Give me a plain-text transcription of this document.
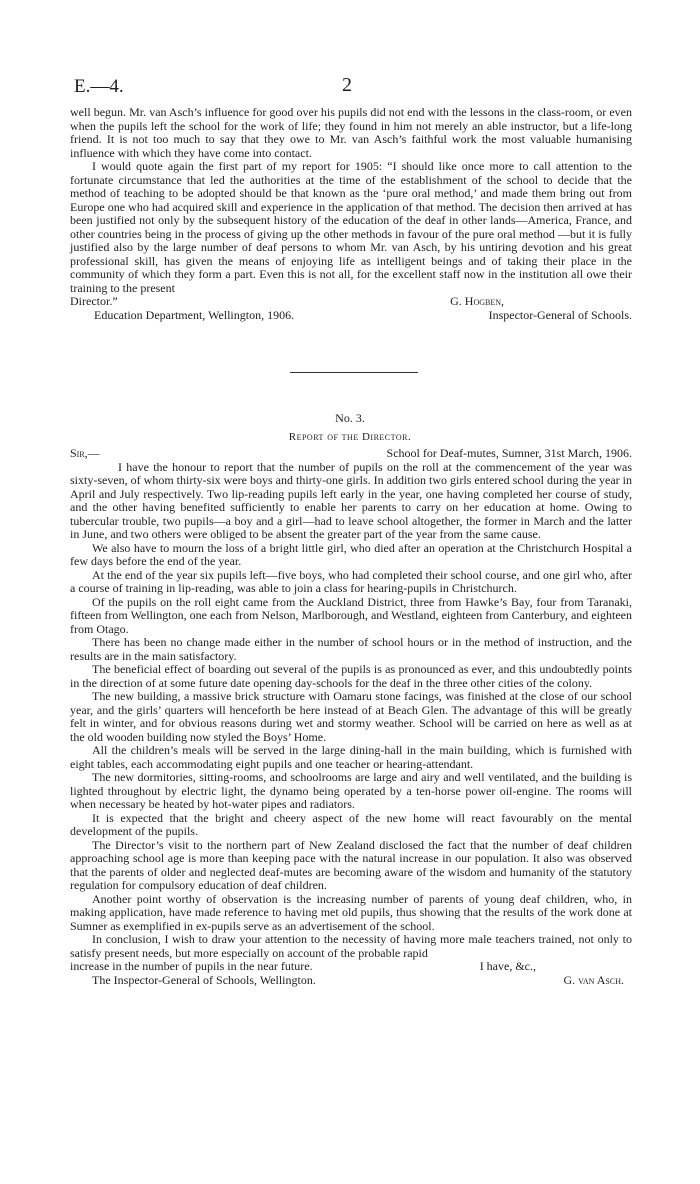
E.—4.	2

well begun. Mr. van Asch’s influence for good over his pupils did not end with the lessons in the class-room, or even when the pupils left the school for the work of life; they found in him not merely an able instructor, but a life-long friend. It is not too much to say that they owe to Mr. van Asch’s faithful work the most valuable humanising influence with which they have come into contact.

I would quote again the first part of my report for 1905: “I should like once more to call attention to the fortunate circumstance that led the authorities at the time of the establishment of the school to decide that the method of teaching to be adopted should be that known as the ‘pure oral method,’ and made them bring out from Europe one who had acquired skill and experience in the application of that method. The decision then arrived at has been justified not only by the subsequent history of the education of the deaf in other lands—America, France, and other countries being in the process of giving up the other methods in favour of the pure oral method —but it is fully justified also by the large number of deaf persons to whom Mr. van Asch, by his untiring devotion and his great professional skill, has given the means of enjoying life as intelligent beings and of taking their place in the community of which they form a part. Even this is not all, for the excellent staff now in the institution all owe their training to the present

Director.”	G. Hogben,
Education Department, Wellington, 1906.	Inspector-General of Schools.
No. 3.
Report of the Director.
Sir,—	School for Deaf-mutes, Sumner, 31st March, 1906.

I have the honour to report that the number of pupils on the roll at the commencement of the year was sixty-seven, of whom thirty-six were boys and thirty-one girls. In addition two girls entered school during the year in April and July respectively. Two lip-reading pupils left early in the year, one having completed her course of study, and the other having benefited sufficiently to enable her parents to carry on her education at home. Owing to tubercular trouble, two pupils—a boy and a girl—had to leave school altogether, the former in March and the latter in June, and two others were obliged to be absent the greater part of the year from the same cause.

We also have to mourn the loss of a bright little girl, who died after an operation at the Christchurch Hospital a few days before the end of the year.

At the end of the year six pupils left—five boys, who had completed their school course, and one girl who, after a course of training in lip-reading, was able to join a class for hearing-pupils in Christchurch.

Of the pupils on the roll eight came from the Auckland District, three from Hawke’s Bay, four from Taranaki, fifteen from Wellington, one each from Nelson, Marlborough, and Westland, eighteen from Canterbury, and eighteen from Otago.

There has been no change made either in the number of school hours or in the method of instruction, and the results are in the main satisfactory.

The beneficial effect of boarding out several of the pupils is as pronounced as ever, and this undoubtedly points in the direction of at some future date opening day-schools for the deaf in the three other cities of the colony.

The new building, a massive brick structure with Oamaru stone facings, was finished at the close of our school year, and the girls’ quarters will henceforth be here instead of at Beach Glen. The advantage of this will be greatly felt in winter, and for obvious reasons during wet and stormy weather. School will be carried on here as well as at the old wooden building now styled the Boys’ Home.

All the children’s meals will be served in the large dining-hall in the main building, which is furnished with eight tables, each accommodating eight pupils and one teacher or hearing-attendant.

The new dormitories, sitting-rooms, and schoolrooms are large and airy and well ventilated, and the building is lighted throughout by electric light, the dynamo being operated by a ten-horse power oil-engine. The rooms will when necessary be heated by hot-water pipes and radiators.

It is expected that the bright and cheery aspect of the new home will react favourably on the mental development of the pupils.

The Director’s visit to the northern part of New Zealand disclosed the fact that the number of deaf children approaching school age is more than keeping pace with the natural increase in our population. It also was observed that the parents of older and neglected deaf-mutes are becoming aware of the wisdom and humanity of the statutory regulation for compulsory education of deaf children.

Another point worthy of observation is the increasing number of parents of young deaf children, who, in making application, have made reference to having met old pupils, thus showing that the results of the work done at Sumner as exemplified in ex-pupils serve as an advertisement of the school.

In conclusion, I wish to draw your attention to the necessity of having more male teachers trained, not only to satisfy present needs, but more especially on account of the probable rapid

increase in the number of pupils in the near future.	I have, &c.,
The Inspector-General of Schools, Wellington.	G. van Asch.
